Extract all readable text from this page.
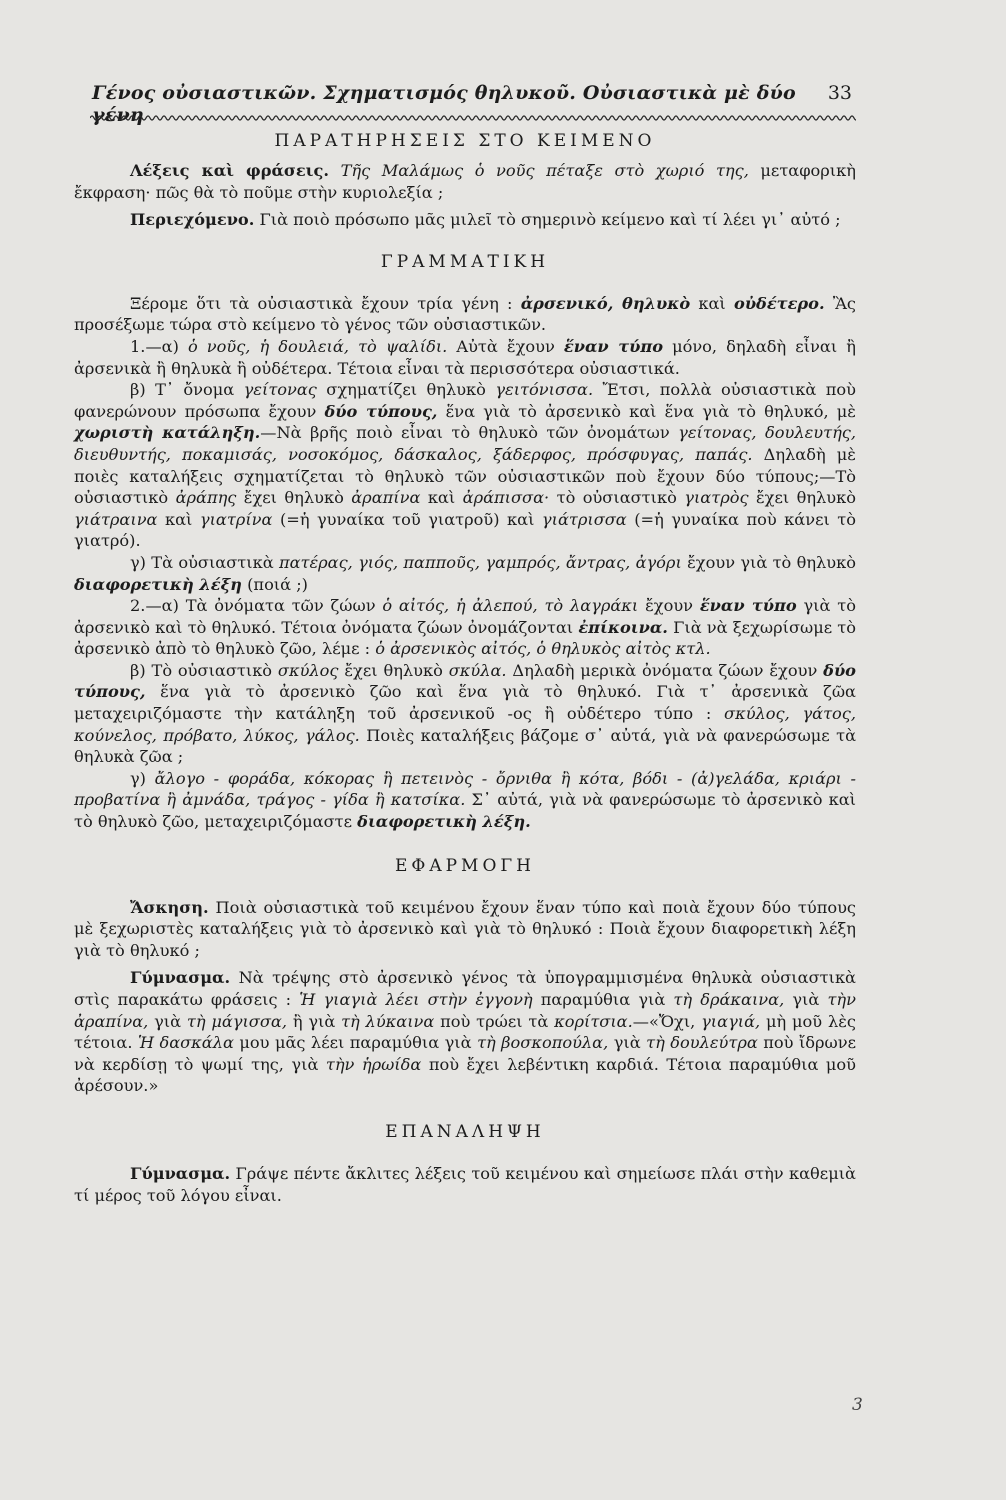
Γένος οὐσιαστικῶν. Σχηματισμός θηλυκοῦ. Οὐσιαστικὰ μὲ δύο γένη
33

ΠΑΡΑΤΗΡΗΣΕΙΣ ΣΤΟ ΚΕΙΜΕΝΟ

Λέξεις καὶ φράσεις. Τῆς Μαλάμως ὁ νοῦς πέταξε στὸ χωριό της, μεταφορικὴ ἔκφραση· πῶς θὰ τὸ ποῦμε στὴν κυριολεξία ;

Περιεχόμενο. Γιὰ ποιὸ πρόσωπο μᾶς μιλεῖ τὸ σημερινὸ κείμενο καὶ τί λέει γι᾿ αὐτό ;

ΓΡΑΜΜΑΤΙΚΗ

Ξέρομε ὅτι τὰ οὐσιαστικὰ ἔχουν τρία γένη : ἀρσενικό, θηλυκὸ καὶ οὐδέτερο. Ἂς προσέξωμε τώρα στὸ κείμενο τὸ γένος τῶν οὐσιαστικῶν.

1.—α) ὁ νοῦς, ἡ δουλειά, τὸ ψαλίδι. Αὐτὰ ἔχουν ἕναν τύπο μόνο, δηλαδὴ εἶναι ἢ ἀρσενικὰ ἢ θηλυκὰ ἢ οὐδέτερα. Τέτοια εἶναι τὰ περισσότερα οὐσιαστικά.

β) Τ᾿ ὄνομα γείτονας σχηματίζει θηλυκὸ γειτόνισσα. Ἔτσι, πολλὰ οὐσιαστικὰ ποὺ φανερώνουν πρόσωπα ἔχουν δύο τύπους, ἕνα γιὰ τὸ ἀρσενικὸ καὶ ἕνα γιὰ τὸ θηλυκό, μὲ χωριστὴ κατάληξη.—Νὰ βρῆς ποιὸ εἶναι τὸ θηλυκὸ τῶν ὀνομάτων γείτονας, δουλευτής, διευθυντής, ποκαμισάς, νοσοκόμος, δάσκαλος, ξάδερφος, πρόσφυγας, παπάς. Δηλαδὴ μὲ ποιὲς καταλήξεις σχηματίζεται τὸ θηλυκὸ τῶν οὐσιαστικῶν ποὺ ἔχουν δύο τύπους;—Τὸ οὐσιαστικὸ ἀράπης ἔχει θηλυκὸ ἀραπίνα καὶ ἀράπισσα· τὸ οὐσιαστικὸ γιατρὸς ἔχει θηλυκὸ γιάτραινα καὶ γιατρίνα (=ἡ γυναίκα τοῦ γιατροῦ) καὶ γιάτρισσα (=ἡ γυναίκα ποὺ κάνει τὸ γιατρό).

γ) Τὰ οὐσιαστικὰ πατέρας, γιός, παπποῦς, γαμπρός, ἄντρας, ἀγόρι ἔχουν γιὰ τὸ θηλυκὸ διαφορετικὴ λέξη (ποιά ;)

2.—α) Τὰ ὀνόματα τῶν ζώων ὁ αἰτός, ἡ ἀλεπού, τὸ λαγράκι ἔχουν ἕναν τύπο γιὰ τὸ ἀρσενικὸ καὶ τὸ θηλυκό. Τέτοια ὀνόματα ζώων ὀνομάζονται ἐπίκοινα. Γιὰ νὰ ξεχωρίσωμε τὸ ἀρσενικὸ ἀπὸ τὸ θηλυκὸ ζῶο, λέμε : ὁ ἀρσενικὸς αἰτός, ὁ θηλυκὸς αἰτὸς κτλ.

β) Τὸ οὐσιαστικὸ σκύλος ἔχει θηλυκὸ σκύλα. Δηλαδὴ μερικὰ ὀνόματα ζώων ἔχουν δύο τύπους, ἕνα γιὰ τὸ ἀρσενικὸ ζῶο καὶ ἕνα γιὰ τὸ θηλυκό. Γιὰ τ᾿ ἀρσενικὰ ζῶα μεταχειριζόμαστε τὴν κατάληξη τοῦ ἀρσενικοῦ -ος ἢ οὐδέτερο τύπο : σκύλος, γάτος, κούνελος, πρόβατο, λύκος, γάλος. Ποιὲς καταλήξεις βάζομε σ᾿ αὐτά, γιὰ νὰ φανερώσωμε τὰ θηλυκὰ ζῶα ;

γ) ἄλογο - φοράδα, κόκορας ἢ πετεινὸς - ὄρνιθα ἢ κότα, βόδι - (ἀ)γελάδα, κριάρι - προβατίνα ἢ ἀμνάδα, τράγος - γίδα ἢ κατσίκα. Σ᾿ αὐτά, γιὰ νὰ φανερώσωμε τὸ ἀρσενικὸ καὶ τὸ θηλυκὸ ζῶο, μεταχειριζόμαστε διαφορετικὴ λέξη.

ΕΦΑΡΜΟΓΗ

Ἄσκηση. Ποιὰ οὐσιαστικὰ τοῦ κειμένου ἔχουν ἕναν τύπο καὶ ποιὰ ἔχουν δύο τύπους μὲ ξεχωριστὲς καταλήξεις γιὰ τὸ ἀρσενικὸ καὶ γιὰ τὸ θηλυκό : Ποιὰ ἔχουν διαφορετικὴ λέξη γιὰ τὸ θηλυκό ;

Γύμνασμα. Νὰ τρέψης στὸ ἀρσενικὸ γένος τὰ ὑπογραμμισμένα θηλυκὰ οὐσιαστικὰ στὶς παρακάτω φράσεις : Ἡ γιαγιὰ λέει στὴν ἐγγονὴ παραμύθια γιὰ τὴ δράκαινα, γιὰ τὴν ἀραπίνα, γιὰ τὴ μάγισσα, ἢ γιὰ τὴ λύκαινα ποὺ τρώει τὰ κορίτσια.—«Ὄχι, γιαγιά, μὴ μοῦ λὲς τέτοια. Ἡ δασκάλα μου μᾶς λέει παραμύθια γιὰ τὴ βοσκοπούλα, γιὰ τὴ δουλεύτρα ποὺ ἴδρωνε νὰ κερδίσῃ τὸ ψωμί της, γιὰ τὴν ἡρωίδα ποὺ ἔχει λεβέντικη καρδιά. Τέτοια παραμύθια μοῦ ἀρέσουν.»

ΕΠΑΝΑΛΗΨΗ

Γύμνασμα. Γράψε πέντε ἄκλιτες λέξεις τοῦ κειμένου καὶ σημείωσε πλάι στὴν καθεμιὰ τί μέρος τοῦ λόγου εἶναι.

3
